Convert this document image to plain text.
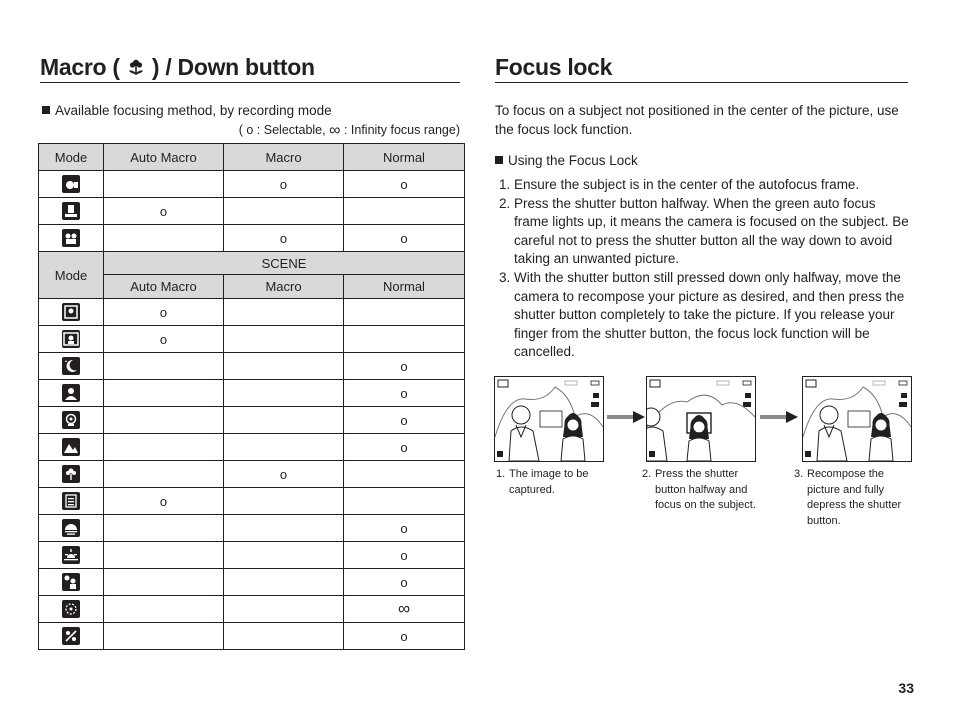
Macro (  ) / Down button
Available focusing method, by recording mode
( o : Selectable, ∞ : Infinity focus range)
Mode	Auto Macro	Macro	Normal

		o	o

	o		

		o	o
Mode	SCENE		
	Auto Macro	Macro	Normal

	o		

	o		

			o

			o

			o

			o

		o	

	o		

			o

			o

			o

			∞

			o
Focus lock
To focus on a subject not positioned in the center of the picture, use the focus lock function.
Using the Focus Lock
1. Ensure the subject is in the center of the autofocus frame.
2. Press the shutter button halfway. When the green auto focus frame lights up, it means the camera is focused on the subject. Be careful not to press the shutter button all the way down to avoid taking an unwanted picture.
3. With the shutter button still pressed down only halfway, move the camera to recompose your picture as desired, and then press the shutter button completely to take the picture. If you release your finger from the shutter button, the focus lock function will be cancelled.
1. The image to be captured.
2. Press the shutter button halfway and focus on the subject.
3. Recompose the picture and fully depress the shutter button.
33
